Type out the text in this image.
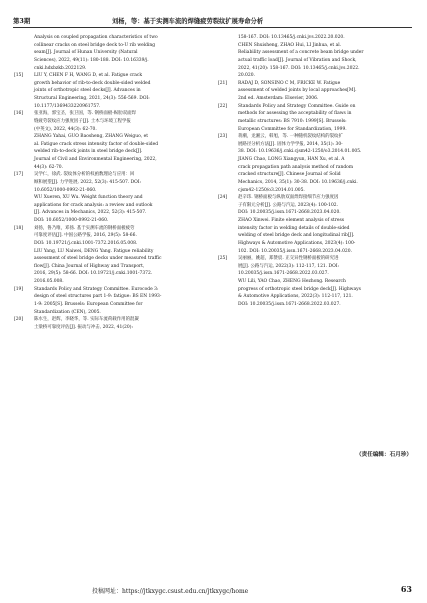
第3期	刘杨，等：基于实测车流的焊缝疲劳裂纹扩展寿命分析
Analysis on coupled propagation characteristics of two
collinear cracks on steel bridge deck to-U rib welding
seam[J]. Journal of Hunan University (Natural
Sciences), 2022, 49(11): 180-188. DOI: 10.16339/j.
cnki.hdxbzkb.2022129.
[15]	LIU Y, CHEN F H, WANG D, et al. Fatigue crack
growth behavior of rib-to-deck double-sided welded
joints of orthotropic steel decks[J]. Advances in
Structural Engineering, 2021, 24(3): 556-569. DOI:
10.1177/1369433220961757.
[16]	张亚海，郭宝圣，张卫国，等. 钢桥面板-纵肋双面焊
缝疲劳裂纹应力强度因子[J]. 土木与环境工程学报
(中英文), 2022, 44(3): 62-70.
ZHANG Yahai, GUO Baosheng, ZHANG Weiguo, et
al. Fatigue crack stress intensity factor of double-sided
welded rib-to-deck joints in steel bridge deck[J].
Journal of Civil and Environmental Engineering, 2022,
44(3): 62-70.
[17]	吴学仁，徐武. 裂纹体分析的权函数理论与应用：回
顾和展望[J]. 力学进展, 2022, 52(3): 415-507. DOI:
10.6052/1000-0992-21-060.
WU Xueren, XU Wu. Weight function theory and
applications for crack analysis: a review and outlook
[J]. Advances in Mechanics, 2022, 52(3): 415-507.
DOI: 10.6052/1000-0992-21-060.
[18]	刘扬，鲁乃唯，邓扬. 基于实测车流的钢桥面板疲劳
可靠度评估[J]. 中国公路学报, 2016, 29(5): 58-66.
DOI: 10.19721/j.cnki.1001-7372.2016.05.008.
LIU Yang, LU Naiwei, DENG Yang. Fatigue reliability
assessment of steel bridge decks under measured traffic
flow[J]. China Journal of Highway and Transport,
2016, 29(5): 58-66. DOI: 10.19721/j.cnki.1001-7372.
2016.05.008.
[19]	Standards Policy and Strategy Committee. Eurocode 3:
design of steel structures part 1-9: fatigue: BS EN 1993-
1-9: 2005[S]. Brussels: European Committee for
Standardization (CEN), 2005.
[20]	陈水生，赵辉，李晓华，等. 实际车流荷载作用的混凝
土梁桥可靠度评估[J]. 振动与冲击, 2022, 41(20):
158-167. DOI: 10.13465/j.cnki.jvs.2022.20.020.
CHEN Shuisheng, ZHAO Hui, LI Jinhua, et al.
Reliability assessment of a concrete beam bridge under
actual traffic load[J]. Journal of Vibration and Shock,
2022, 41(20): 158-167. DOI: 10.13465/j.cnki.jvs.2022.
20.020.
[21]	RADAJ D, SONSINO C M, FRICKE W. Fatigue
assessment of welded joints by local approaches[M].
2nd ed. Amsterdam: Elsevier, 2006.
[22]	Standards Policy and Strategy Committee. Guide on
methods for assessing the acceptability of flaws in
metallic structures: BS 7910: 1999[S]. Brussels:
European Committee for Standardization, 1999.
[23]	蒋潮，龙湘云，韩旭，等. 一种随机裂纹结构的裂纹扩
展路径分析方法[J]. 固体力学学报, 2014, 35(1): 30-
38. DOI: 10.19636/j.cnki.cjsm42-1250/o3.2014.01.005.
JIANG Chao, LONG Xiangyun, HAN Xu, et al. A
crack propagation path analysis method of random
cracked structure[J]. Chinese Journal of Solid
Mechanics, 2014, 35(1): 30-38. DOI: 10.19636/j.cnki.
cjsm42-1250/o3.2014.01.005.
[24]	赵辛玮. 钢桥面板与纵肋双面焊焊接细节应力强度因
子有限元分析[J]. 公路与汽运, 2023(4): 100-102.
DOI: 10.20035/j.issn.1671-2668.2023.04.020.
ZHAO Xinwei. Finite element analysis of stress
intensity factor in welding details of double-sided
welding of steel bridge deck and longitudinal rib[J].
Highways & Automotive Applications, 2023(4): 100-
102. DOI: 10.20035/j.issn.1671-2668.2023.04.020.
[25]	吴丽丽，姚超，郑赞宸. 正交异性钢桥面板的研究进
展[J]. 公路与汽运, 2022(3): 112-117, 121. DOI:
10.20035/j.issn.1671-2668.2022.03.027.
WU Lili, YAO Chao, ZHENG Hezhong. Research
progress of orthotropic steel bridge deck[J]. Highways
& Automotive Applications, 2022(3): 112-117, 121.
DOI: 10.20035/j.issn.1671-2668.2022.03.027.
（责任编辑：石月珍）
投稿网址：https://jtkxygc.csust.edu.cn/jtkxygc/home	63
